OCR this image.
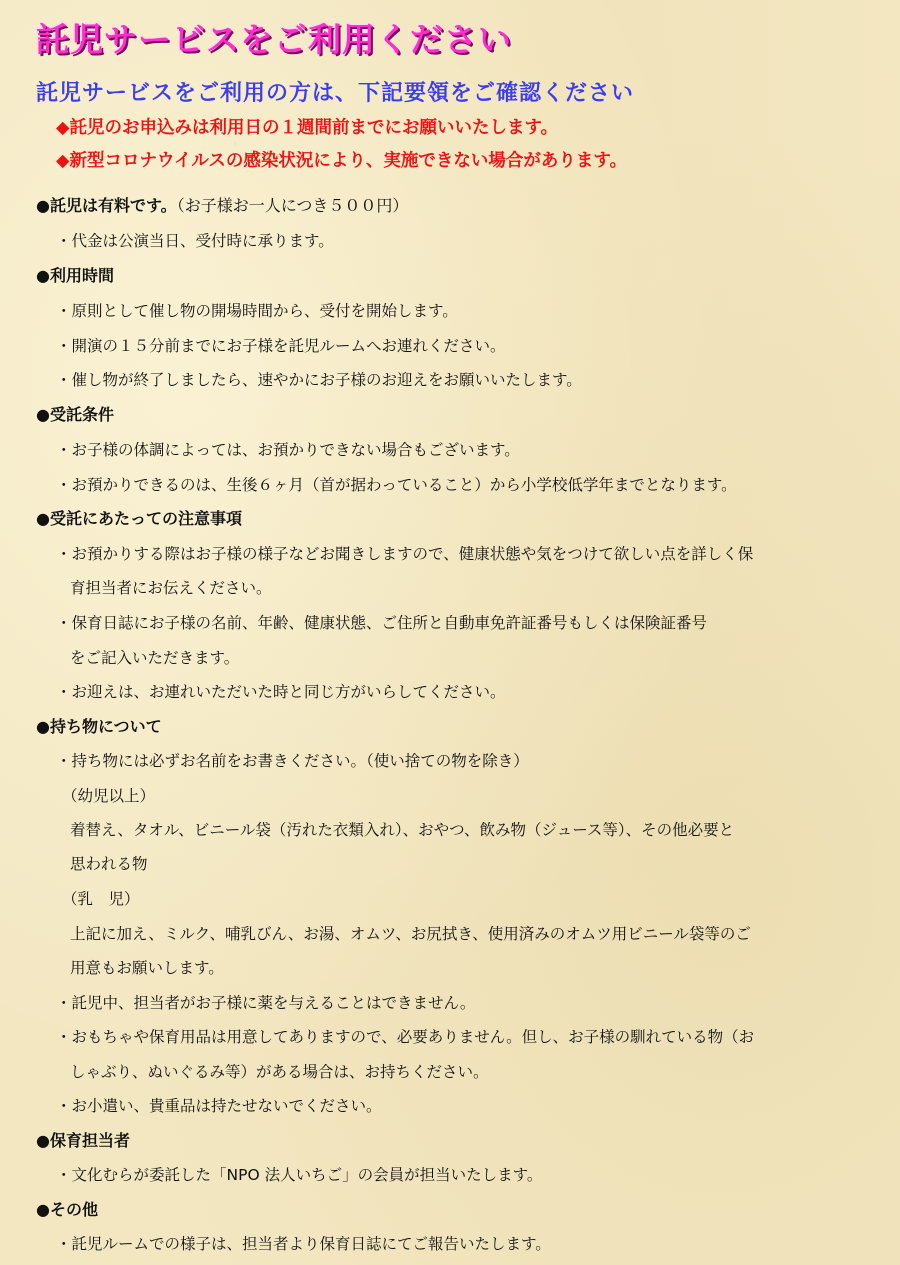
託児サービスをご利用ください
託児サービスをご利用の方は、下記要領をご確認ください
◆託児のお申込みは利用日の１週間前までにお願いいたします。
◆新型コロナウイルスの感染状況により、実施できない場合があります。
●託児は有料です。（お子様お一人につき５００円）
・代金は公演当日、受付時に承ります。
●利用時間
・原則として催し物の開場時間から、受付を開始します。
・開演の１５分前までにお子様を託児ルームへお連れください。
・催し物が終了しましたら、速やかにお子様のお迎えをお願いいたします。
●受託条件
・お子様の体調によっては、お預かりできない場合もございます。
・お預かりできるのは、生後６ヶ月（首が据わっていること）から小学校低学年までとなります。
●受託にあたっての注意事項
・お預かりする際はお子様の様子などお聞きしますので、健康状態や気をつけて欲しい点を詳しく保
育担当者にお伝えください。
・保育日誌にお子様の名前、年齢、健康状態、ご住所と自動車免許証番号もしくは保険証番号
をご記入いただきます。
・お迎えは、お連れいただいた時と同じ方がいらしてください。
●持ち物について
・持ち物には必ずお名前をお書きください。（使い捨ての物を除き）
（幼児以上）
着替え、タオル、ビニール袋（汚れた衣類入れ）、おやつ、飲み物（ジュース等）、その他必要と
思われる物
（乳　児）
上記に加え、ミルク、哺乳びん、お湯、オムツ、お尻拭き、使用済みのオムツ用ビニール袋等のご
用意もお願いします。
・託児中、担当者がお子様に薬を与えることはできません。
・おもちゃや保育用品は用意してありますので、必要ありません。但し、お子様の馴れている物（お
しゃぶり、ぬいぐるみ等）がある場合は、お持ちください。
・お小遣い、貴重品は持たせないでください。
●保育担当者
・文化むらが委託した「NPO 法人いちご」の会員が担当いたします。
●その他
・託児ルームでの様子は、担当者より保育日誌にてご報告いたします。
